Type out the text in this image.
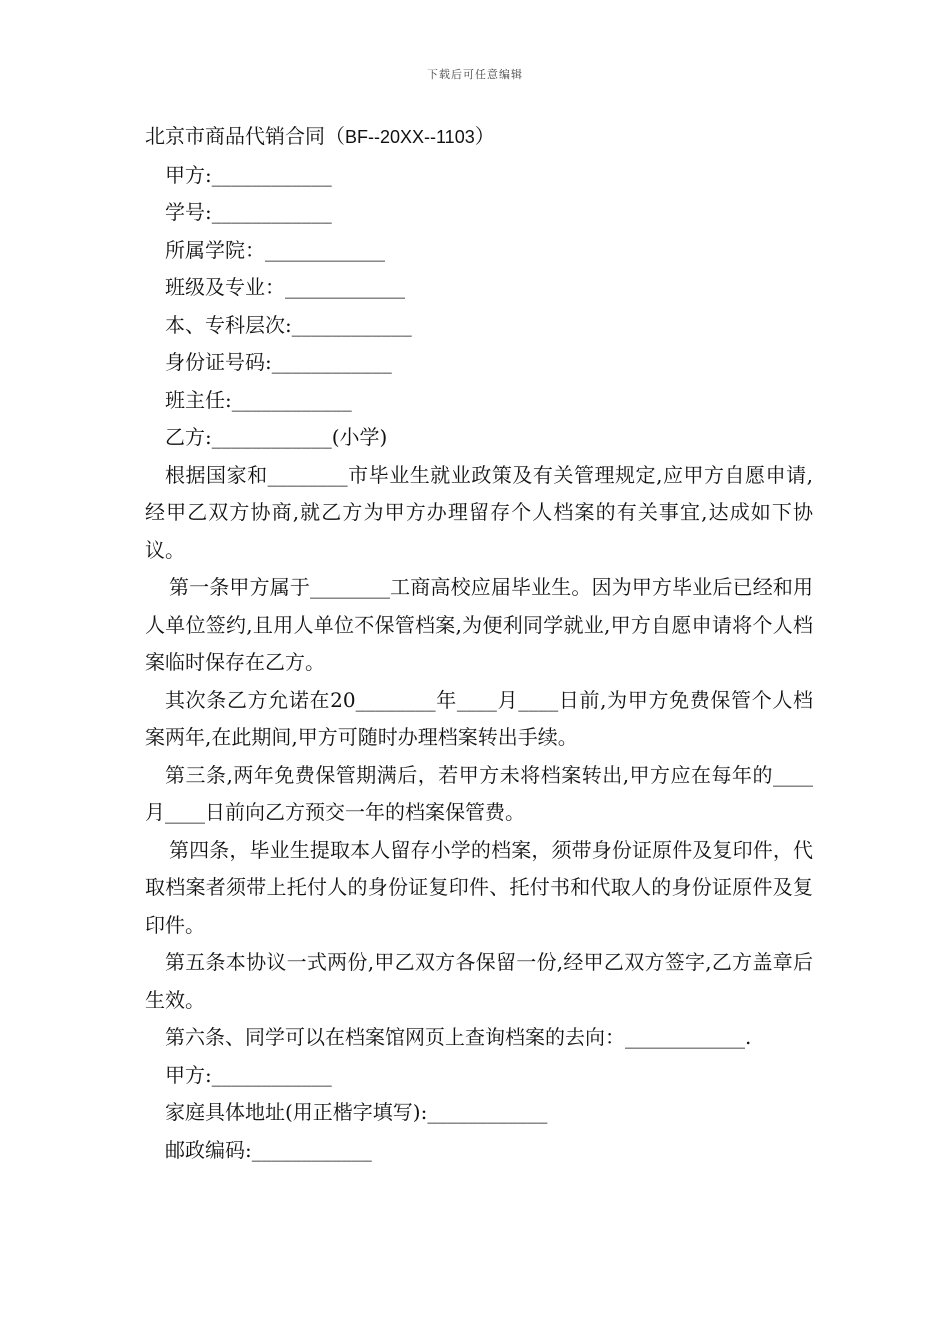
下载后可任意编辑

北京市商品代销合同（BF--20XX--1103）

甲方:____________

学号:____________

所属学院：____________

班级及专业：____________

本、专科层次:____________

身份证号码:____________

班主任:____________

乙方:____________(小学)

根据国家和________市毕业生就业政策及有关管理规定,应甲方自愿申请,经甲乙双方协商,就乙方为甲方办理留存个人档案的有关事宜,达成如下协议。

第一条甲方属于________工商高校应届毕业生。因为甲方毕业后已经和用人单位签约,且用人单位不保管档案,为便利同学就业,甲方自愿申请将个人档案临时保存在乙方。

其次条乙方允诺在20________年____月____日前,为甲方免费保管个人档案两年,在此期间,甲方可随时办理档案转出手续。

第三条,两年免费保管期满后，若甲方未将档案转出,甲方应在每年的____月____日前向乙方预交一年的档案保管费。

第四条，毕业生提取本人留存小学的档案，须带身份证原件及复印件，代取档案者须带上托付人的身份证复印件、托付书和代取人的身份证原件及复印件。

第五条本协议一式两份,甲乙双方各保留一份,经甲乙双方签字,乙方盖章后生效。

第六条、同学可以在档案馆网页上查询档案的去向：____________.

甲方:____________

家庭具体地址(用正楷字填写):____________

邮政编码:____________
